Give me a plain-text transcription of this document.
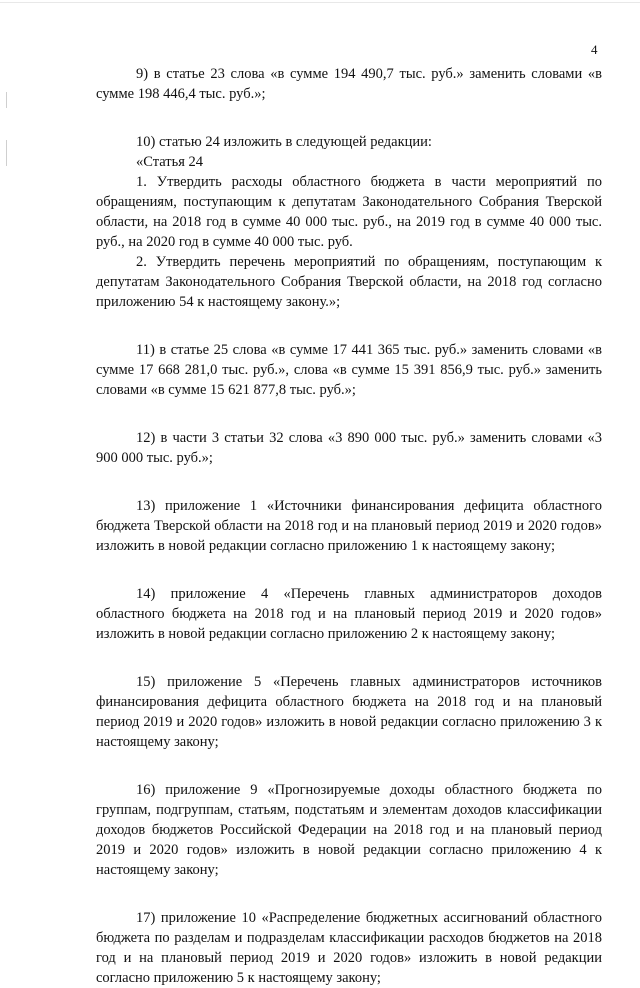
4

9) в статье 23 слова «в сумме 194 490,7 тыс. руб.» заменить словами «в сумме 198 446,4 тыс. руб.»;

10) статью 24 изложить в следующей редакции:

«Статья 24

1. Утвердить расходы областного бюджета в части мероприятий по обращениям, поступающим к депутатам Законодательного Собрания Тверской области, на 2018 год в сумме 40 000 тыс. руб., на 2019 год в сумме 40 000 тыс. руб., на 2020 год в сумме 40 000 тыс. руб.

2. Утвердить перечень мероприятий по обращениям, поступающим к депутатам Законодательного Собрания Тверской области, на 2018 год согласно приложению 54 к настоящему закону.»;

11) в статье 25 слова «в сумме 17 441 365 тыс. руб.» заменить словами «в сумме 17 668 281,0 тыс. руб.», слова «в сумме 15 391 856,9 тыс. руб.» заменить словами «в сумме 15 621 877,8 тыс. руб.»;

12) в части 3 статьи 32 слова «3 890 000 тыс. руб.» заменить словами «3 900 000 тыс. руб.»;

13) приложение 1 «Источники финансирования дефицита областного бюджета Тверской области на 2018 год и на плановый период 2019 и 2020 годов» изложить в новой редакции согласно приложению 1 к настоящему закону;

14) приложение 4 «Перечень главных администраторов доходов областного бюджета на 2018 год и на плановый период 2019 и 2020 годов» изложить в новой редакции согласно приложению 2 к настоящему закону;

15) приложение 5 «Перечень главных администраторов источников финансирования дефицита областного бюджета на 2018 год и на плановый период 2019 и 2020 годов» изложить в новой редакции согласно приложению 3 к настоящему закону;

16) приложение 9 «Прогнозируемые доходы областного бюджета по группам, подгруппам, статьям, подстатьям и элементам доходов классификации доходов бюджетов Российской Федерации на 2018 год и на плановый период 2019 и 2020 годов» изложить в новой редакции согласно приложению 4 к настоящему закону;

17) приложение 10 «Распределение бюджетных ассигнований областного бюджета по разделам и подразделам классификации расходов бюджетов на 2018 год и на плановый период 2019 и 2020 годов» изложить в новой редакции согласно приложению 5 к настоящему закону;
